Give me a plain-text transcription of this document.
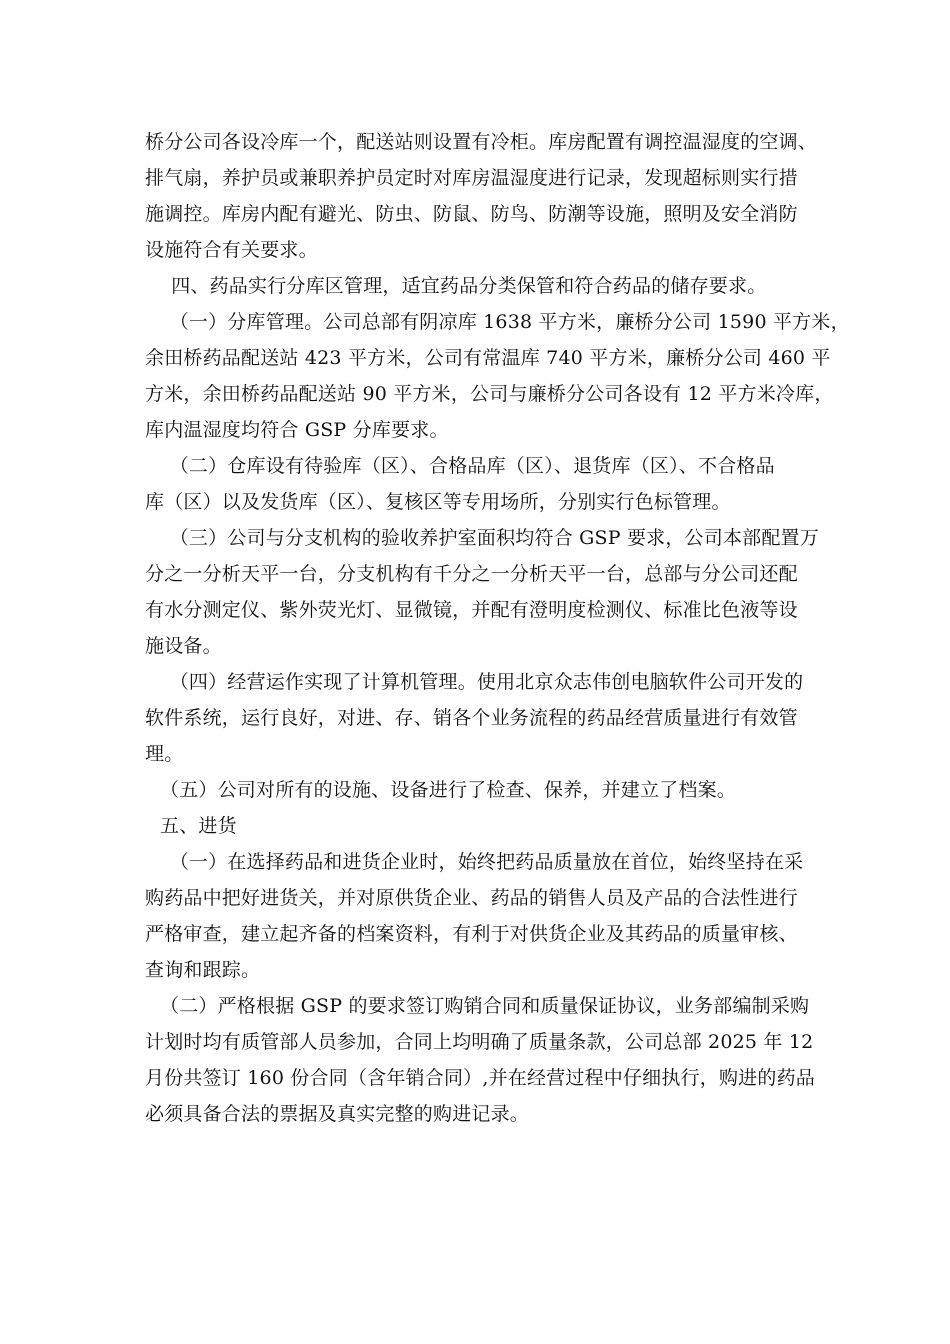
桥分公司各设冷库一个，配送站则设置有冷柜。库房配置有调控温湿度的空调、
排气扇，养护员或兼职养护员定时对库房温湿度进行记录，发现超标则实行措
施调控。库房内配有避光、防虫、防鼠、防鸟、防潮等设施，照明及安全消防
设施符合有关要求。
　四、药品实行分库区管理，适宜药品分类保管和符合药品的储存要求。
　（一）分库管理。公司总部有阴凉库 1638 平方米，廉桥分公司 1590 平方米，
余田桥药品配送站 423 平方米，公司有常温库 740 平方米，廉桥分公司 460 平
方米，余田桥药品配送站 90 平方米，公司与廉桥分公司各设有 12 平方米冷库，
库内温湿度均符合 GSP 分库要求。
　（二）仓库设有待验库（区）、合格品库（区）、退货库（区）、不合格品
库（区）以及发货库（区）、复核区等专用场所，分别实行色标管理。
　（三）公司与分支机构的验收养护室面积均符合 GSP 要求，公司本部配置万
分之一分析天平一台，分支机构有千分之一分析天平一台，总部与分公司还配
有水分测定仪、紫外荧光灯、显微镜，并配有澄明度检测仪、标准比色液等设
施设备。
　（四）经营运作实现了计算机管理。使用北京众志伟创电脑软件公司开发的
软件系统，运行良好，对进、存、销各个业务流程的药品经营质量进行有效管
理。
（五）公司对所有的设施、设备进行了检查、保养，并建立了档案。
五、进货
　（一）在选择药品和进货企业时，始终把药品质量放在首位，始终坚持在采
购药品中把好进货关，并对原供货企业、药品的销售人员及产品的合法性进行
严格审查，建立起齐备的档案资料，有利于对供货企业及其药品的质量审核、
查询和跟踪。
（二）严格根据 GSP 的要求签订购销合同和质量保证协议，业务部编制采购
计划时均有质管部人员参加，合同上均明确了质量条款，公司总部 2025 年 12
月份共签订 160 份合同（含年销合同）,并在经营过程中仔细执行，购进的药品
必须具备合法的票据及真实完整的购进记录。
